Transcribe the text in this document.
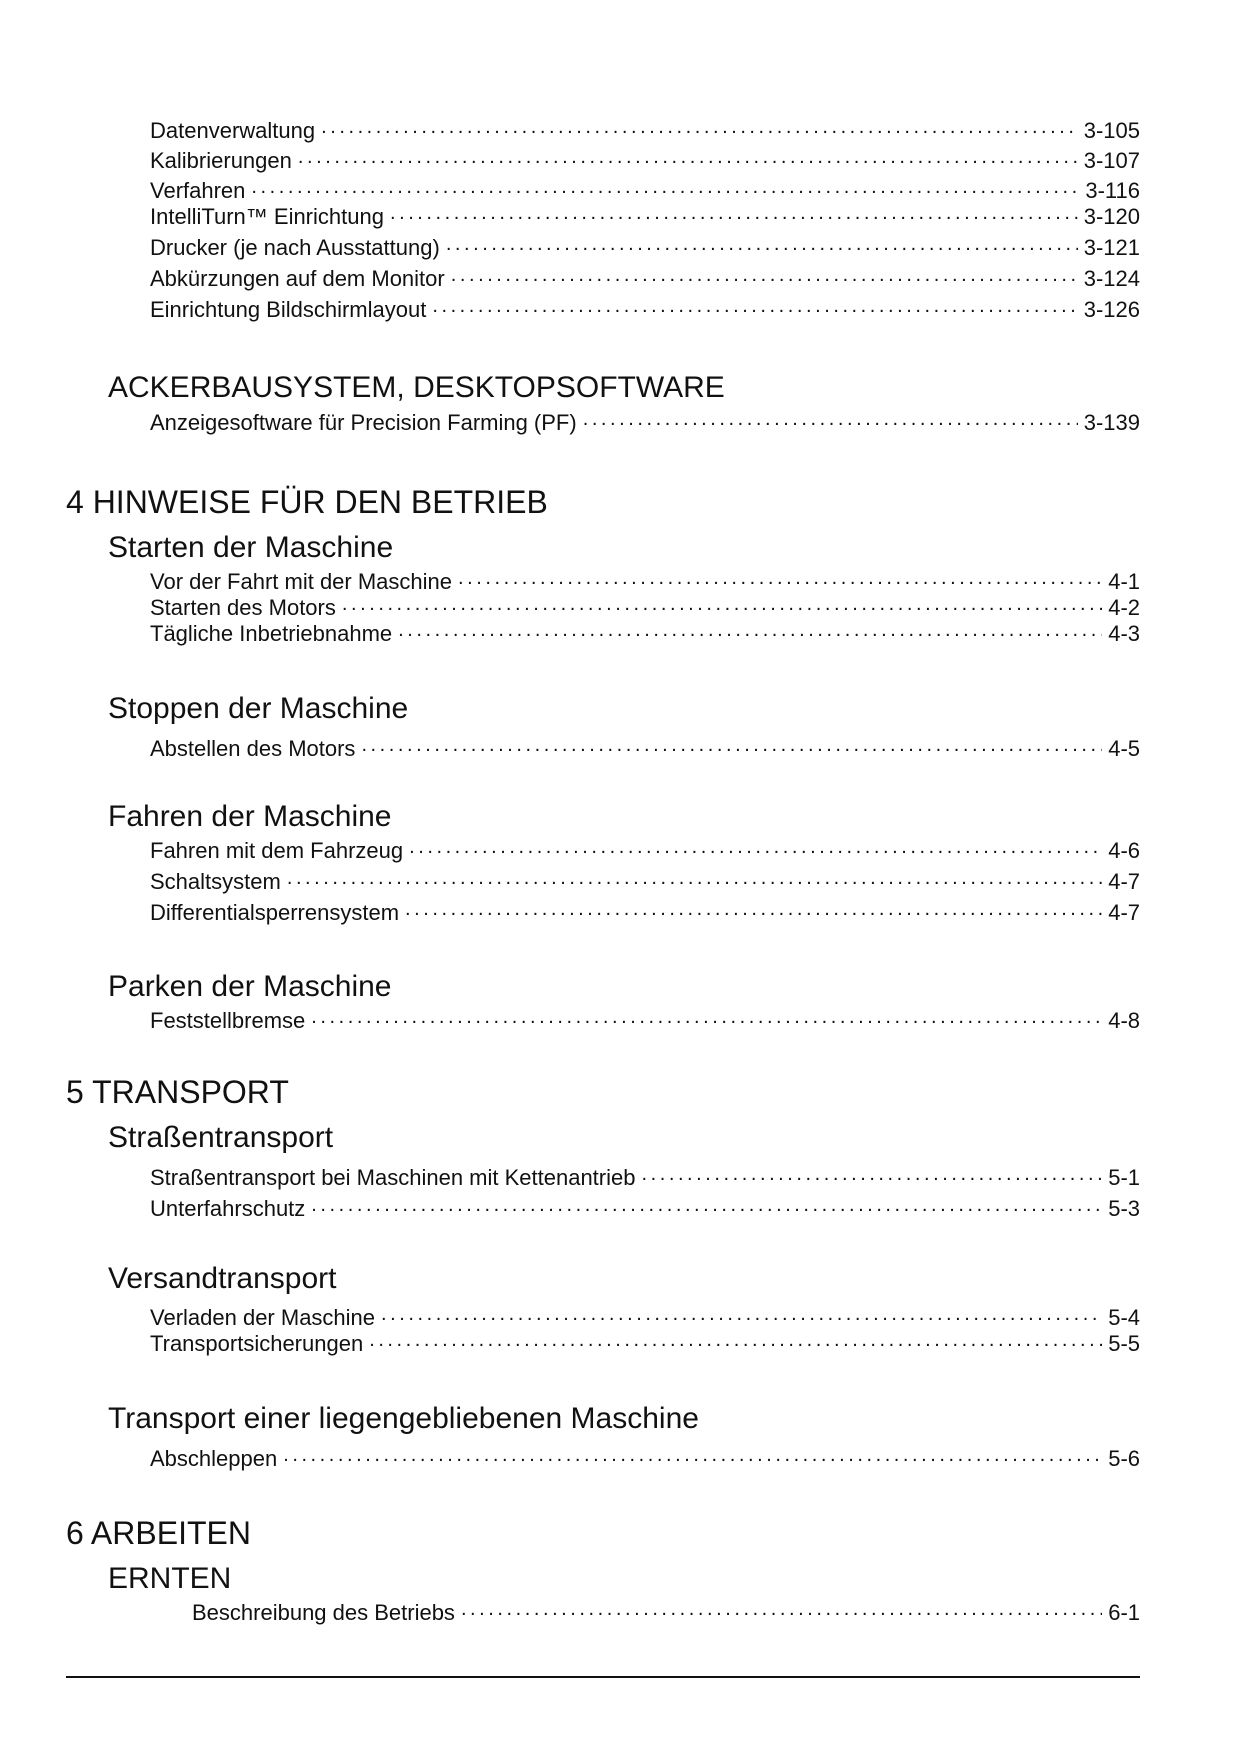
Datenverwaltung . . .	3-105
Kalibrierungen . . .	3-107
Verfahren . . .	3-116
IntelliTurn™ Einrichtung . . .	3-120
Drucker (je nach Ausstattung) . . .	3-121
Abkürzungen auf dem Monitor . . .	3-124
Einrichtung Bildschirmlayout . . .	3-126
ACKERBAUSYSTEM, DESKTOPSOFTWARE
Anzeigesoftware für Precision Farming (PF) . . .	3-139
4 HINWEISE FÜR DEN BETRIEB
Starten der Maschine
Vor der Fahrt mit der Maschine . . .	4-1
Starten des Motors . . .	4-2
Tägliche Inbetriebnahme . . .	4-3
Stoppen der Maschine
Abstellen des Motors . . .	4-5
Fahren der Maschine
Fahren mit dem Fahrzeug . . .	4-6
Schaltsystem . . .	4-7
Differentialsperrensystem . . .	4-7
Parken der Maschine
Feststellbremse . . .	4-8
5 TRANSPORT
Straßentransport
Straßentransport bei Maschinen mit Kettenantrieb . . .	5-1
Unterfahrschutz . . .	5-3
Versandtransport
Verladen der Maschine . . .	5-4
Transportsicherungen . . .	5-5
Transport einer liegengebliebenen Maschine
Abschleppen . . .	5-6
6 ARBEITEN
ERNTEN
Beschreibung des Betriebs . . .	6-1
